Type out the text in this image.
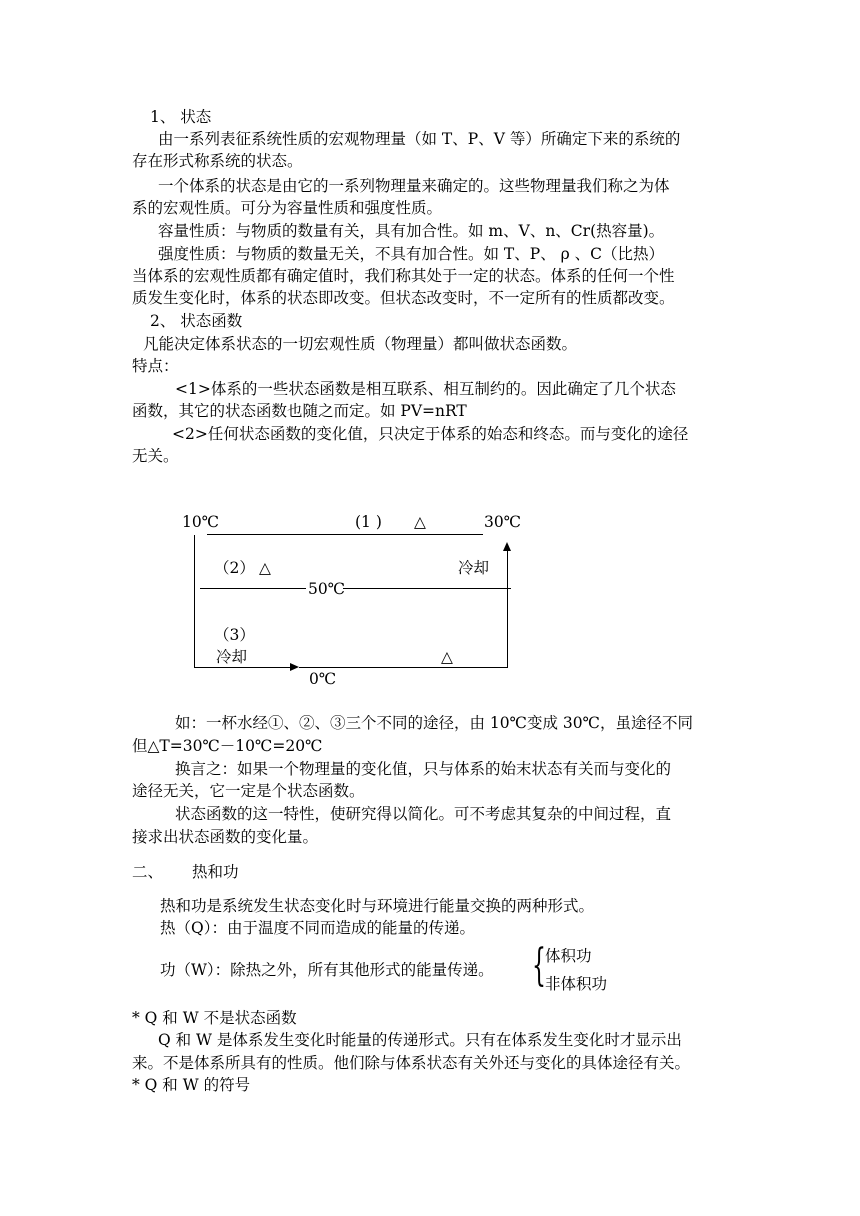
1、 状态
由一系列表征系统性质的宏观物理量（如 T、P、V 等）所确定下来的系统的
存在形式称系统的状态。
一个体系的状态是由它的一系列物理量来确定的。这些物理量我们称之为体
系的宏观性质。可分为容量性质和强度性质。
容量性质：与物质的数量有关，具有加合性。如 m、V、n、Cr(热容量)。
强度性质：与物质的数量无关，不具有加合性。如 T、P、 ρ 、C（比热）
当体系的宏观性质都有确定值时，我们称其处于一定的状态。体系的任何一个性
质发生变化时，体系的状态即改变。但状态改变时，不一定所有的性质都改变。
2、 状态函数
凡能决定体系状态的一切宏观性质（物理量）都叫做状态函数。
特点：
<1>体系的一些状态函数是相互联系、相互制约的。因此确定了几个状态
函数，其它的状态函数也随之而定。如 PV=nRT
<2>任何状态函数的变化值，只决定于体系的始态和终态。而与变化的途径
无关。
10℃	(1 ) △	30℃
（2） △	冷却
50℃
（3）
冷却	△
0℃
如：一杯水经①、②、③三个不同的途径，由 10℃变成 30℃，虽途径不同
但△T=30℃－10℃=20℃
换言之：如果一个物理量的变化值，只与体系的始末状态有关而与变化的
途径无关，它一定是个状态函数。
状态函数的这一特性，使研究得以简化。可不考虑其复杂的中间过程，直
接求出状态函数的变化量。
二、 热和功
热和功是系统发生状态变化时与环境进行能量交换的两种形式。
热（Q）：由于温度不同而造成的能量的传递。
功（W）：除热之外，所有其他形式的能量传递。 { 体积功
非体积功
* Q 和 W 不是状态函数
Q 和 W 是体系发生变化时能量的传递形式。只有在体系发生变化时才显示出
来。不是体系所具有的性质。他们除与体系状态有关外还与变化的具体途径有关。
* Q 和 W 的符号
